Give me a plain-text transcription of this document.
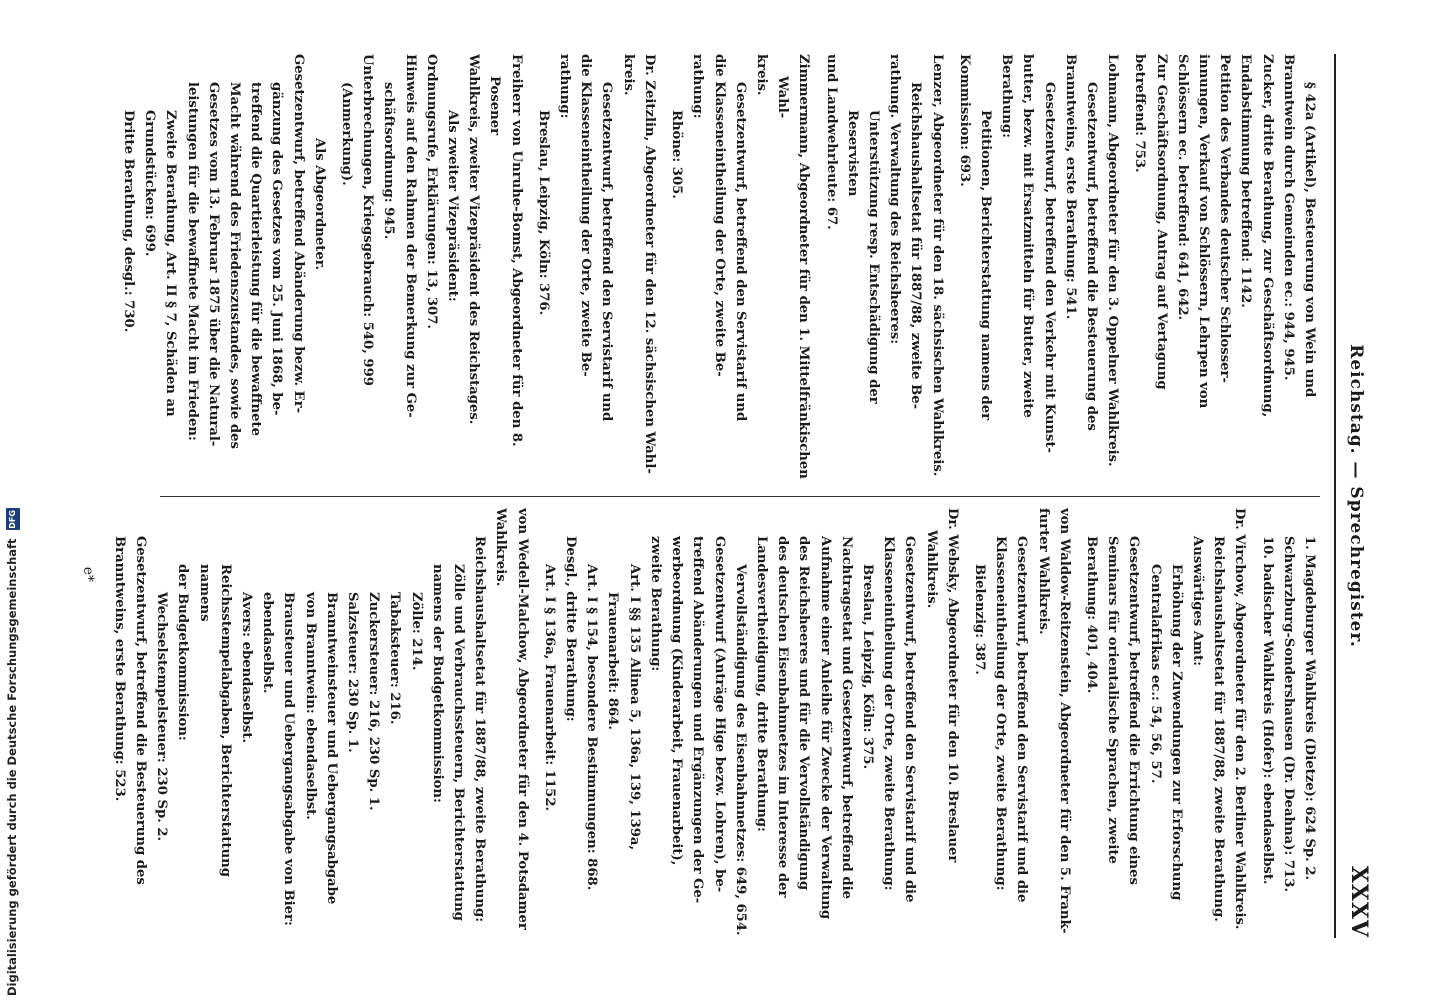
Reichstag. — Sprechregister.
XXXV

§ 42a (Artikel), Besteuerung von Wein und

Branntwein durch Gemeinden ec.: 944, 945.

Zucker, dritte Berathung, zur Geschäftsordnung,

Endabstimmung betreffend: 1142.

Petition des Verbandes deutscher Schlosser-

innungen, Verkauf von Schlössern, Lehrpen von

Schlössern ec. betreffend: 641, 642.

Zur Geschäftsordnung, Antrag auf Vertagung

betreffend: 753.

Lohmann, Abgeordneter für den 3. Oppelner Wahlkreis.

Gesetzentwurf, betreffend die Besteuerung des

Branntweins, erste Berathung: 541.

Gesetzentwurf, betreffend den Verkehr mit Kunst-

butter, bezw. mit Ersatzmitteln für Butter, zweite

Berathung:

Petitionen, Berichterstattung namens der

Kommission: 693.

Lenzer, Abgeordneter für den 18. sächsischen Wahlkreis.

Reichshaushaltsetat für 1887/88, zweite Be-

rathung. Verwaltung des Reichsheeres:

Unterstützung resp. Entschädigung der Reservisten

und Landwehrleute: 67.

Zimmermann, Abgeordneter für den 1. Mittelfränkischen Wahl-

kreis.

Gesetzentwurf, betreffend den Servistarif und

die Klasseneintheilung der Orte, zweite Be-

rathung:

Rhöne: 305.

Dr. Zeitzlin, Abgeordneter für den 12. sächsischen Wahl-

kreis.

Gesetzentwurf, betreffend den Servistarif und

die Klasseneintheilung der Orte, zweite Be-

rathung:

Breslau, Leipzig, Köln: 376.

Freiherr von Unruhe-Bomst, Abgeordneter für den 8. Posener

Wahlkreis, zweiter Vizepräsident des Reichstages.

Als zweiter Vizepräsident:

Ordnungsrufe, Erklärungen: 13, 307.

Hinweis auf den Rahmen der Bemerkung zur Ge-

schäftsordnung: 945.

Unterbrechungen, Kriegsgebrauch: 540, 999

(Anmerkung).

Als Abgeordneter.

Gesetzentwurf, betreffend Abänderung bezw. Er-

gänzung des Gesetzes vom 25. Juni 1868, be-

treffend die Quartierleistung für die bewaffnete

Macht während des Friedenszustandes, sowie des

Gesetzes vom 13. Februar 1875 über die Natural-

leistungen für die bewaffnete Macht im Frieden:

Zweite Berathung, Art. II § 7, Schäden an

Grundstücken: 699.

Dritte Berathung, desgl.: 730.

1. Magdeburger Wahlkreis (Dietze): 624 Sp. 2.

Schwarzburg-Sondershausen (Dr. Deahna): 713.

10. badischer Wahlkreis (Hofer): ebendaselbst.

Dr. Virchow, Abgeordneter für den 2. Berliner Wahlkreis.

Reichshaushaltsetat für 1887/88, zweite Berathung.

Auswärtiges Amt:

Erhöhung der Zuwendungen zur Erforschung

Centralafrikas ec.: 54, 56, 57.

Gesetzentwurf, betreffend die Errichtung eines

Seminars für orientalische Sprachen, zweite

Berathung: 401, 404.

von Waldow-Reitzenstein, Abgeordneter für den 5. Frank-

furter Wahlkreis.

Gesetzentwurf, betreffend den Servistarif und die

Klasseneintheilung der Orte, zweite Berathung:

Bielenzig: 387.

Dr. Websky, Abgeordneter für den 10. Breslauer Wahlkreis.

Gesetzentwurf, betreffend den Servistarif und die

Klasseneintheilung der Orte, zweite Berathung:

Breslau, Leipzig, Köln: 375.

Nachtragsetat und Gesetzentwurf, betreffend die

Aufnahme einer Anleihe für Zwecke der Verwaltung

des Reichsheeres und für die Vervollständigung

des deutschen Eisenbahnnetzes im Interesse der

Landesvertheidigung, dritte Berathung:

Vervollständigung des Eisenbahnnetzes: 649, 654.

Gesetzentwurf (Anträge Hige bezw. Lohren), be-

treffend Abänderungen und Ergänzungen der Ge-

werbeordnung (Kinderarbeit, Frauenarbeit),

zweite Berathung:

Art. I §§ 135 Alinea 5, 136a, 139, 139a,

Frauenarbeit: 864.

Art. I § 154, besondere Bestimmungen: 868.

Desgl., dritte Berathung:

Art. I § 136a, Frauenarbeit: 1152.

von Wedell-Malchow, Abgeordneter für den 4. Potsdamer

Wahlkreis.

Reichshaushaltsetat für 1887/88, zweite Berathung:

Zölle und Verbrauchssteuern, Berichterstattung

namens der Budgetkommission:

Zölle: 214.

Tabaksteuer: 216.

Zuckersteuer: 216, 230 Sp. 1.

Salzsteuer: 230 Sp. 1.

Branntweinsteuer und Uebergangsabgabe

von Branntwein: ebendaselbst.

Brausteuer und Uebergangsabgabe von Bier:

ebendaselbst.

Avers: ebendaselbst.

Reichsstempelabgaben, Berichterstattung namens

der Budgetkommission:

Wechselstempelsteuer: 230 Sp. 2.

Gesetzentwurf, betreffend die Besteuerung des

Branntweins, erste Berathung: 523.

e*
Digitalisierung gefördert durch die Deutsche Forschungsgemeinschaft DFG
